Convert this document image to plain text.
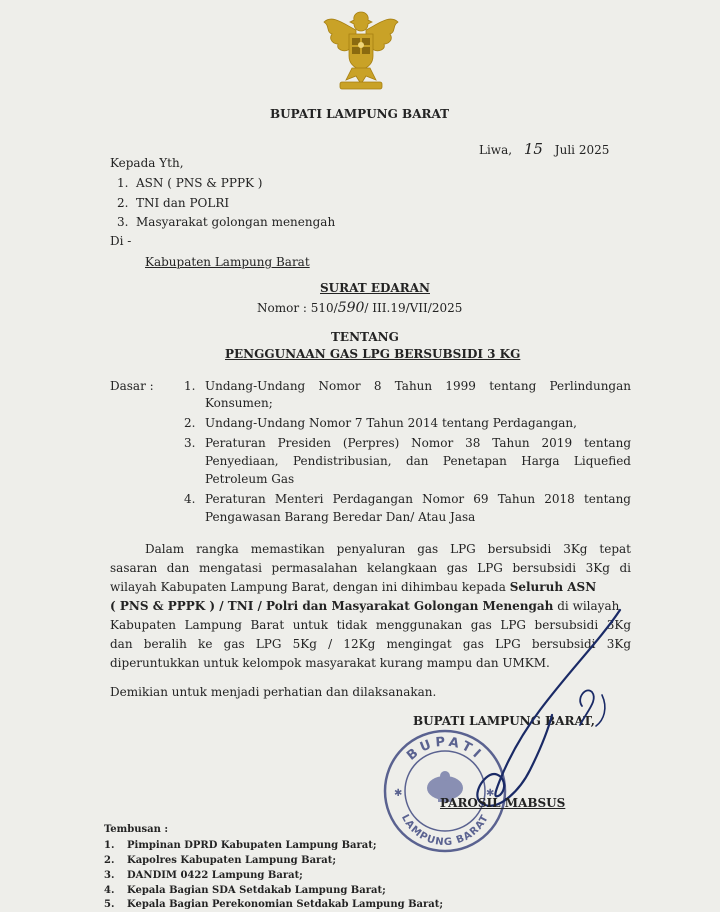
BUPATI LAMPUNG BARAT
Liwa, 15 Juli 2025
Kepada Yth,
1. ASN ( PNS & PPPK )
2. TNI dan POLRI
3. Masyarakat golongan menengah
Di -
Kabupaten Lampung Barat
SURAT EDARAN
Nomor : 510/590/ III.19/VII/2025
TENTANG
PENGGUNAAN GAS LPG BERSUBSIDI 3 KG
Dasar :	1. Undang-Undang Nomor 8 Tahun 1999 tentang Perlindungan
Konsumen;
2. Undang-Undang Nomor 7 Tahun 2014 tentang Perdagangan,
3. Peraturan Presiden (Perpres) Nomor 38 Tahun 2019 tentang
Penyediaan, Pendistribusian, dan Penetapan Harga Liquefied
Petroleum Gas
4. Peraturan Menteri Perdagangan Nomor 69 Tahun 2018 tentang
Pengawasan Barang Beredar Dan/ Atau Jasa
Dalam rangka memastikan penyaluran gas LPG bersubsidi 3Kg tepat
sasaran dan mengatasi permasalahan kelangkaan gas LPG bersubsidi 3Kg di
wilayah Kabupaten Lampung Barat, dengan ini dihimbau kepada Seluruh ASN
( PNS & PPPK ) / TNI / Polri dan Masyarakat Golongan Menengah di wilayah
Kabupaten Lampung Barat untuk tidak menggunakan gas LPG bersubsidi 3Kg
dan beralih ke gas LPG 5Kg / 12Kg mengingat gas LPG bersubsidi 3Kg
diperuntukkan untuk kelompok masyarakat kurang mampu dan UMKM.
Demikian untuk menjadi perhatian dan dilaksanakan.
BUPATI LAMPUNG BARAT,
BUPATI
LAMPUNG BARAT
✱	✱
PAROSIL MABSUS
Tembusan :
1. Pimpinan DPRD Kabupaten Lampung Barat;
2. Kapolres Kabupaten Lampung Barat;
3. DANDIM 0422 Lampung Barat;
4. Kepala Bagian SDA Setdakab Lampung Barat;
5. Kepala Bagian Perekonomian Setdakab Lampung Barat;
